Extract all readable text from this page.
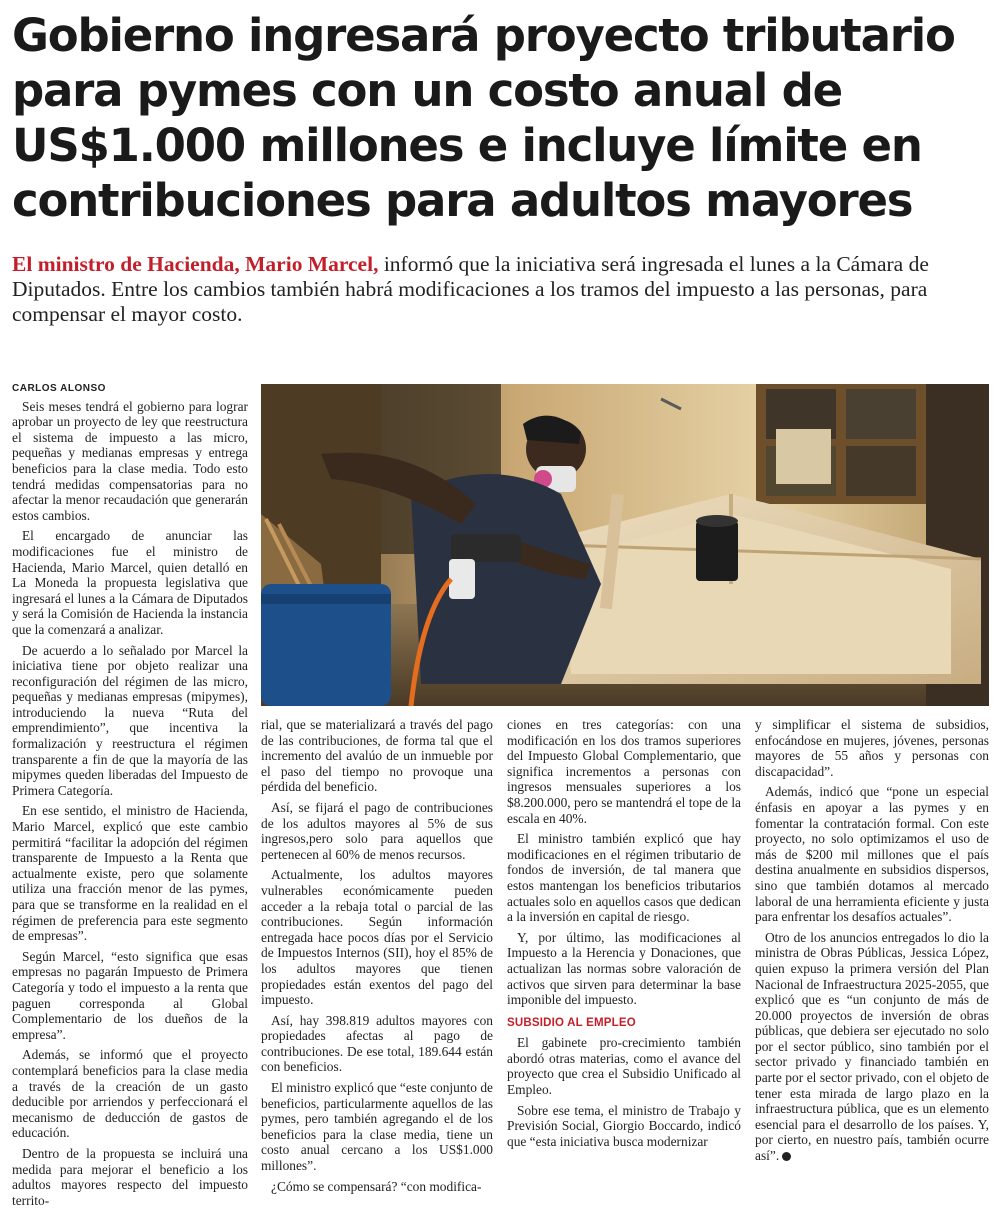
Gobierno ingresará proyecto tributario
para pymes con un costo anual de
US$1.000 millones e incluye límite en
contribuciones para adultos mayores

El ministro de Hacienda, Mario Marcel, informó que la iniciativa será ingresada el lunes a la Cámara de Diputados. Entre los cambios también habrá modificaciones a los tramos del impuesto a las personas, para compensar el mayor costo.

CARLOS ALONSO

Seis meses tendrá el gobierno para lograr aprobar un proyecto de ley que reestructura el sistema de impuesto a las micro, pequeñas y medianas empresas y entrega beneficios para la clase media. Todo esto tendrá medidas compensatorias para no afectar la menor recaudación que generarán estos cambios.

El encargado de anunciar las modificaciones fue el ministro de Hacienda, Mario Marcel, quien detalló en La Moneda la propuesta legislativa que ingresará el lunes a la Cámara de Diputados y será la Comisión de Hacienda la instancia que la comenzará a analizar.

De acuerdo a lo señalado por Marcel la iniciativa tiene por objeto realizar una reconfiguración del régimen de las micro, pequeñas y medianas empresas (mipymes), introduciendo la nueva “Ruta del emprendimiento”, que incentiva la formalización y reestructura el régimen transparente a fin de que la mayoría de las mipymes queden liberadas del Impuesto de Primera Categoría.

En ese sentido, el ministro de Hacienda, Mario Marcel, explicó que este cambio permitirá “facilitar la adopción del régimen transparente de Impuesto a la Renta que actualmente existe, pero que solamente utiliza una fracción menor de las pymes, para que se transforme en la realidad en el régimen de preferencia para este segmento de empresas”.

Según Marcel, “esto significa que esas empresas no pagarán Impuesto de Primera Categoría y todo el impuesto a la renta que paguen corresponda al Global Complementario de los dueños de la empresa”.

Además, se informó que el proyecto contemplará beneficios para la clase media a través de la creación de un gasto deducible por arriendos y perfeccionará el mecanismo de deducción de gastos de educación.

Dentro de la propuesta se incluirá una medida para mejorar el beneficio a los adultos mayores respecto del impuesto territo-

rial, que se materializará a través del pago de las contribuciones, de forma tal que el incremento del avalúo de un inmueble por el paso del tiempo no provoque una pérdida del beneficio.

Así, se fijará el pago de contribuciones de los adultos mayores al 5% de sus ingresos,pero solo para aquellos que pertenecen al 60% de menos recursos.

Actualmente, los adultos mayores vulnerables económicamente pueden acceder a la rebaja total o parcial de las contribuciones. Según información entregada hace pocos días por el Servicio de Impuestos Internos (SII), hoy el 85% de los adultos mayores que tienen propiedades están exentos del pago del impuesto.

Así, hay 398.819 adultos mayores con propiedades afectas al pago de contribuciones. De ese total, 189.644 están con beneficios.

El ministro explicó que “este conjunto de beneficios, particularmente aquellos de las pymes, pero también agregando el de los beneficios para la clase media, tiene un costo anual cercano a los US$1.000 millones”.

¿Cómo se compensará? “con modifica-

ciones en tres categorías: con una modificación en los dos tramos superiores del Impuesto Global Complementario, que significa incrementos a personas con ingresos mensuales superiores a los $8.200.000, pero se mantendrá el tope de la escala en 40%.

El ministro también explicó que hay modificaciones en el régimen tributario de fondos de inversión, de tal manera que estos mantengan los beneficios tributarios actuales solo en aquellos casos que dedican a la inversión en capital de riesgo.

Y, por último, las modificaciones al Impuesto a la Herencia y Donaciones, que actualizan las normas sobre valoración de activos que sirven para determinar la base imponible del impuesto.

SUBSIDIO AL EMPLEO

El gabinete pro-crecimiento también abordó otras materias, como el avance del proyecto que crea el Subsidio Unificado al Empleo.

Sobre ese tema, el ministro de Trabajo y Previsión Social, Giorgio Boccardo, indicó que “esta iniciativa busca modernizar

y simplificar el sistema de subsidios, enfocándose en mujeres, jóvenes, personas mayores de 55 años y personas con discapacidad”.

Además, indicó que “pone un especial énfasis en apoyar a las pymes y en fomentar la contratación formal. Con este proyecto, no solo optimizamos el uso de más de $200 mil millones que el país destina anualmente en subsidios dispersos, sino que también dotamos al mercado laboral de una herramienta eficiente y justa para enfrentar los desafíos actuales”.

Otro de los anuncios entregados lo dio la ministra de Obras Públicas, Jessica López, quien expuso la primera versión del Plan Nacional de Infraestructura 2025-2055, que explicó que es “un conjunto de más de 20.000 proyectos de inversión de obras públicas, que debiera ser ejecutado no solo por el sector público, sino también por el sector privado y financiado también en parte por el sector privado, con el objeto de tener esta mirada de largo plazo en la infraestructura pública, que es un elemento esencial para el desarrollo de los países. Y, por cierto, en nuestro país, también ocurre así”.
